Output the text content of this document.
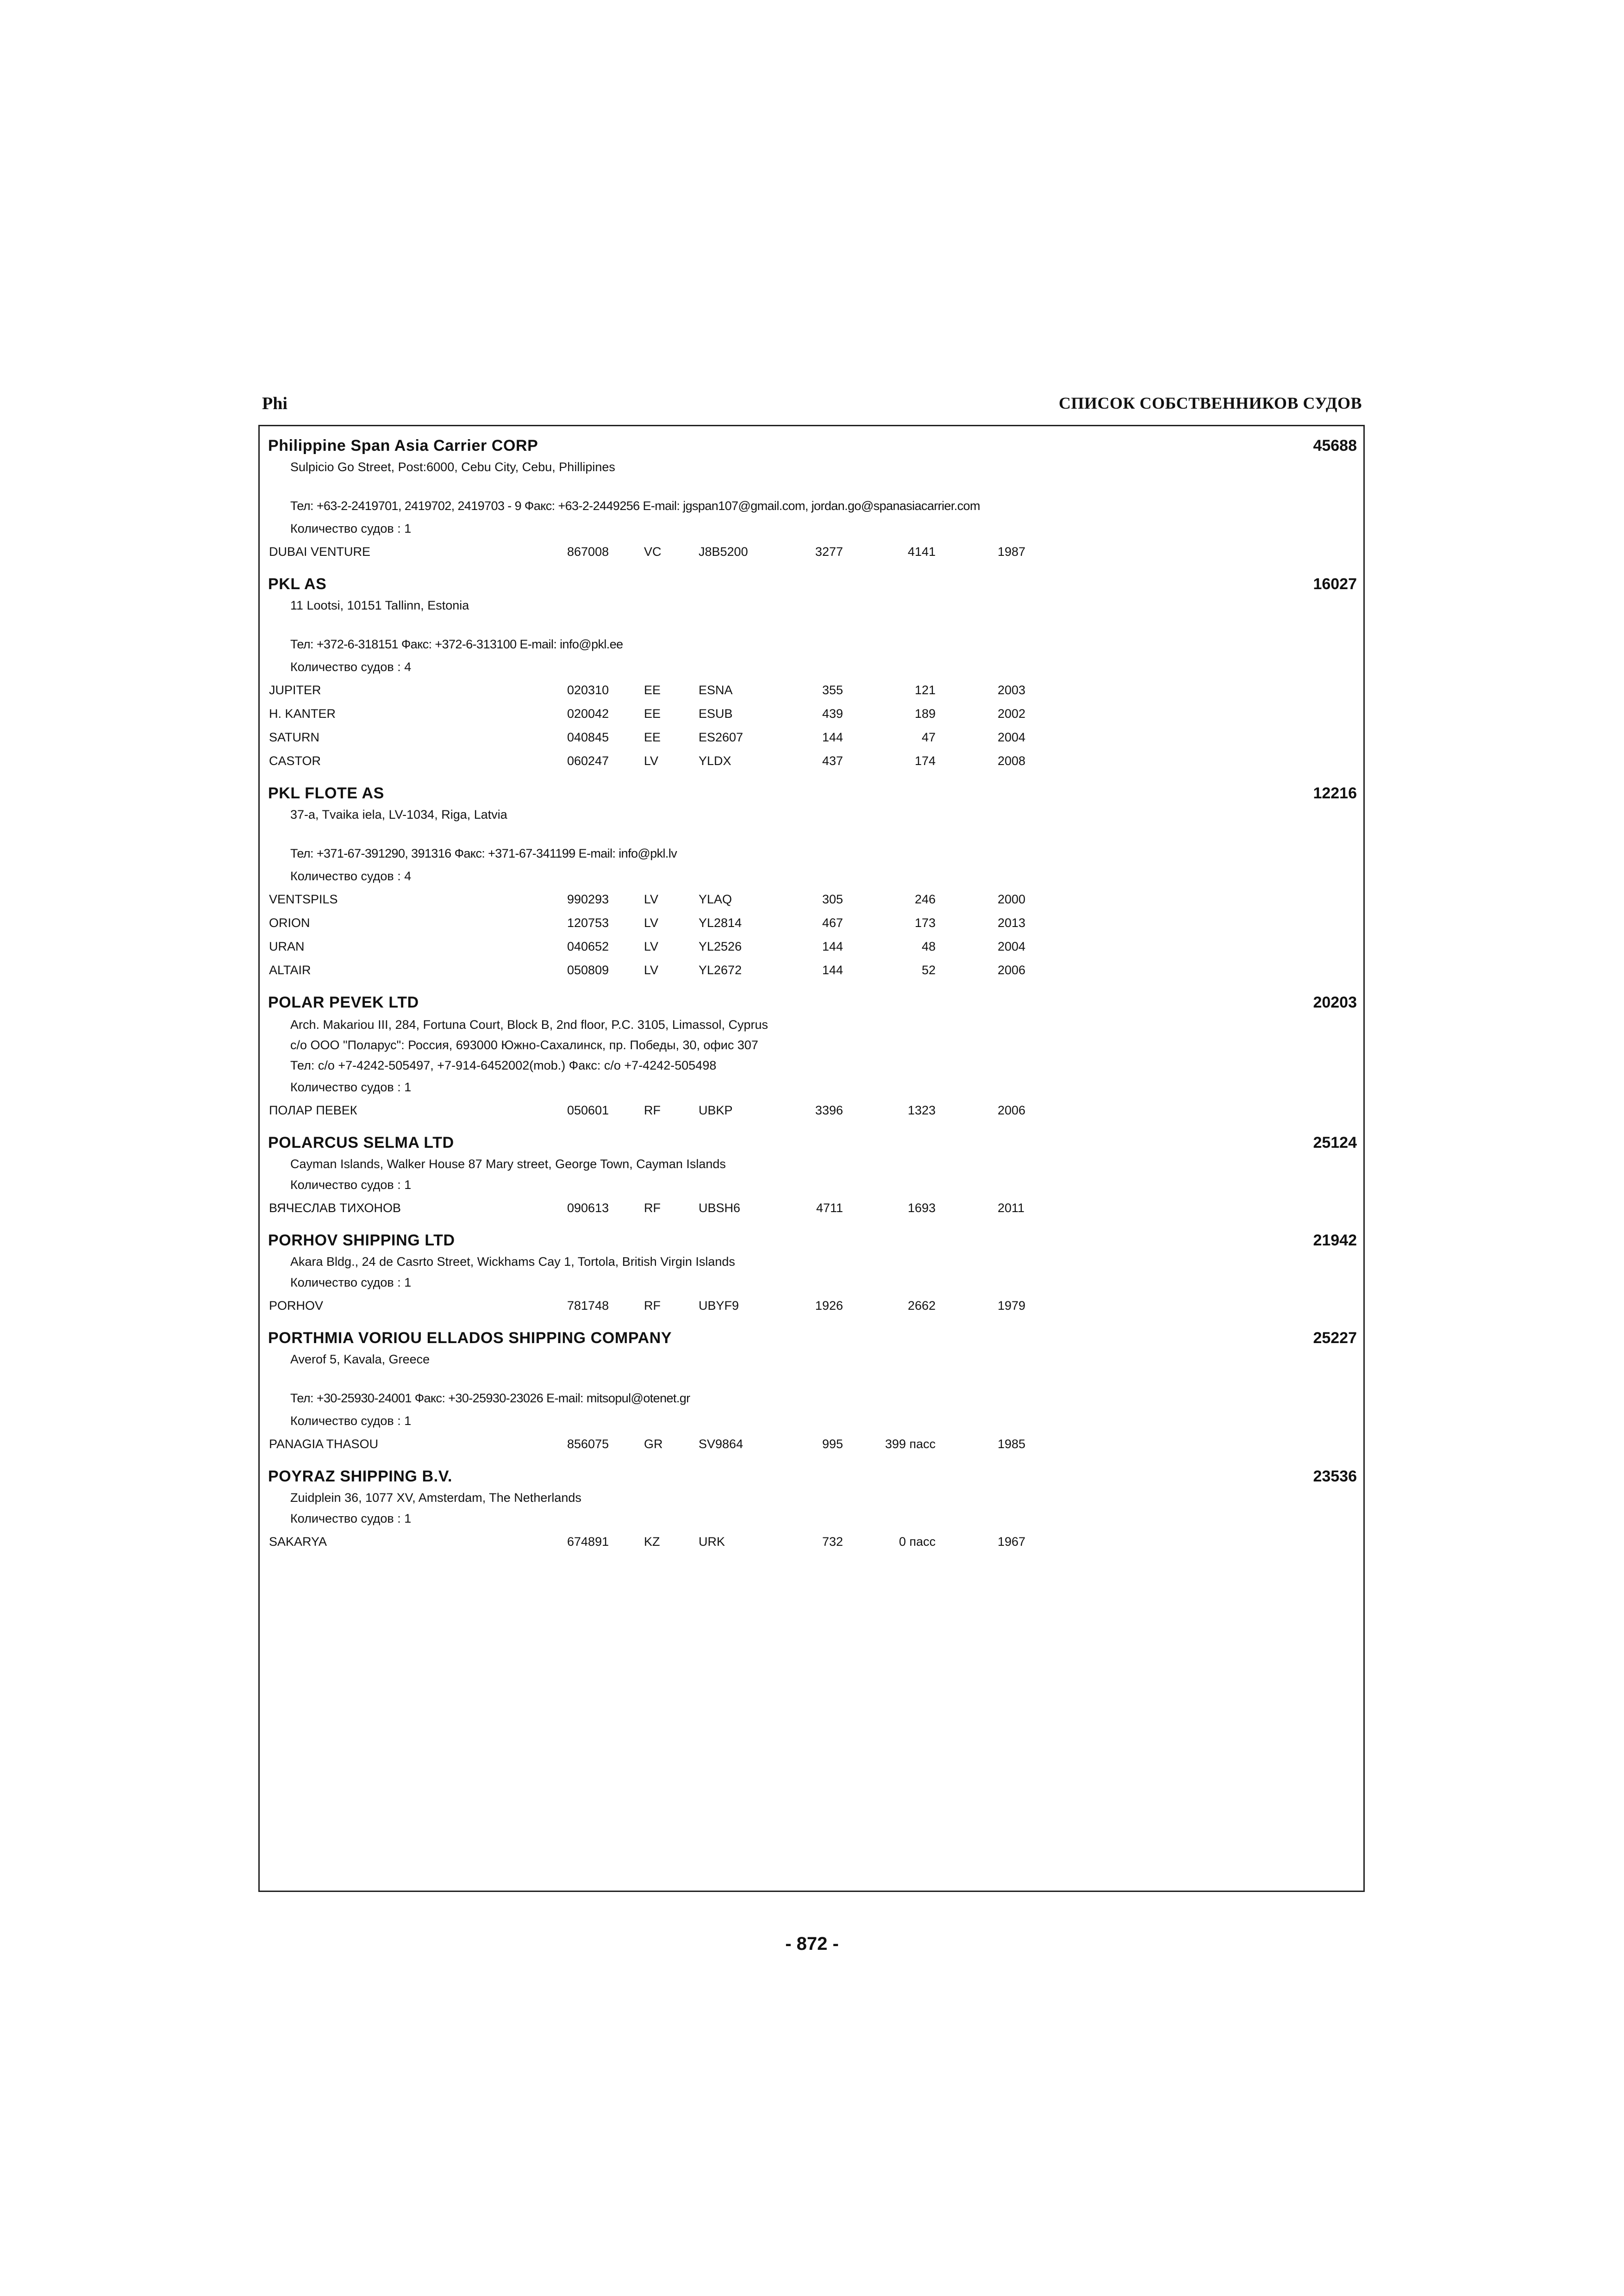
Phi	СПИСОК СОБСТВЕННИКОВ СУДОВ
Philippine Span Asia Carrier CORP	45688
Sulpicio Go Street, Post:6000, Cebu City, Cebu, Phillipines
Тел: +63-2-2419701, 2419702, 2419703 - 9 Факс: +63-2-2449256 E-mail: jgspan107@gmail.com, jordan.go@spanasiacarrier.com
Количество судов : 1
DUBAI VENTURE	867008	VC	J8B5200	3277	4141	1987
PKL AS	16027
11 Lootsi, 10151 Tallinn, Estonia
Тел: +372-6-318151 Факс: +372-6-313100 E-mail: info@pkl.ee
Количество судов : 4
JUPITER	020310	EE	ESNA	355	121	2003
H. KANTER	020042	EE	ESUB	439	189	2002
SATURN	040845	EE	ES2607	144	47	2004
CASTOR	060247	LV	YLDX	437	174	2008
PKL FLOTE AS	12216
37-a, Tvaika iela, LV-1034, Riga, Latvia
Тел: +371-67-391290, 391316 Факс: +371-67-341199 E-mail: info@pkl.lv
Количество судов : 4
VENTSPILS	990293	LV	YLAQ	305	246	2000
ORION	120753	LV	YL2814	467	173	2013
URAN	040652	LV	YL2526	144	48	2004
ALTAIR	050809	LV	YL2672	144	52	2006
POLAR PEVEK LTD	20203
Arch. Makariou III, 284, Fortuna Court, Block B, 2nd floor, P.C. 3105, Limassol, Cyprus
c/o ООО "Поларус": Россия, 693000 Южно-Сахалинск, пр. Победы, 30, офис 307
Тел: c/o +7-4242-505497, +7-914-6452002(mob.) Факс: c/o +7-4242-505498
Количество судов : 1
ПОЛАР ПЕВЕК	050601	RF	UBKP	3396	1323	2006
POLARCUS SELMA LTD	25124
Cayman Islands, Walker House 87 Mary street, George Town, Cayman Islands
Количество судов : 1
ВЯЧЕСЛАВ ТИХОНОВ	090613	RF	UBSH6	4711	1693	2011
PORHOV SHIPPING LTD	21942
Akara Bldg., 24 de Casrto Street, Wickhams Cay 1, Tortola, British Virgin Islands
Количество судов : 1
PORHOV	781748	RF	UBYF9	1926	2662	1979
PORTHMIA VORIOU ELLADOS SHIPPING COMPANY	25227
Averof 5, Kavala, Greece
Тел: +30-25930-24001 Факс: +30-25930-23026 E-mail: mitsopul@otenet.gr
Количество судов : 1
PANAGIA THASOU	856075	GR	SV9864	995	399 пасс	1985
POYRAZ SHIPPING B.V.	23536
Zuidplein 36, 1077 XV, Amsterdam, The Netherlands
Количество судов : 1
SAKARYA	674891	KZ	URK	732	0 пасс	1967
- 872 -
